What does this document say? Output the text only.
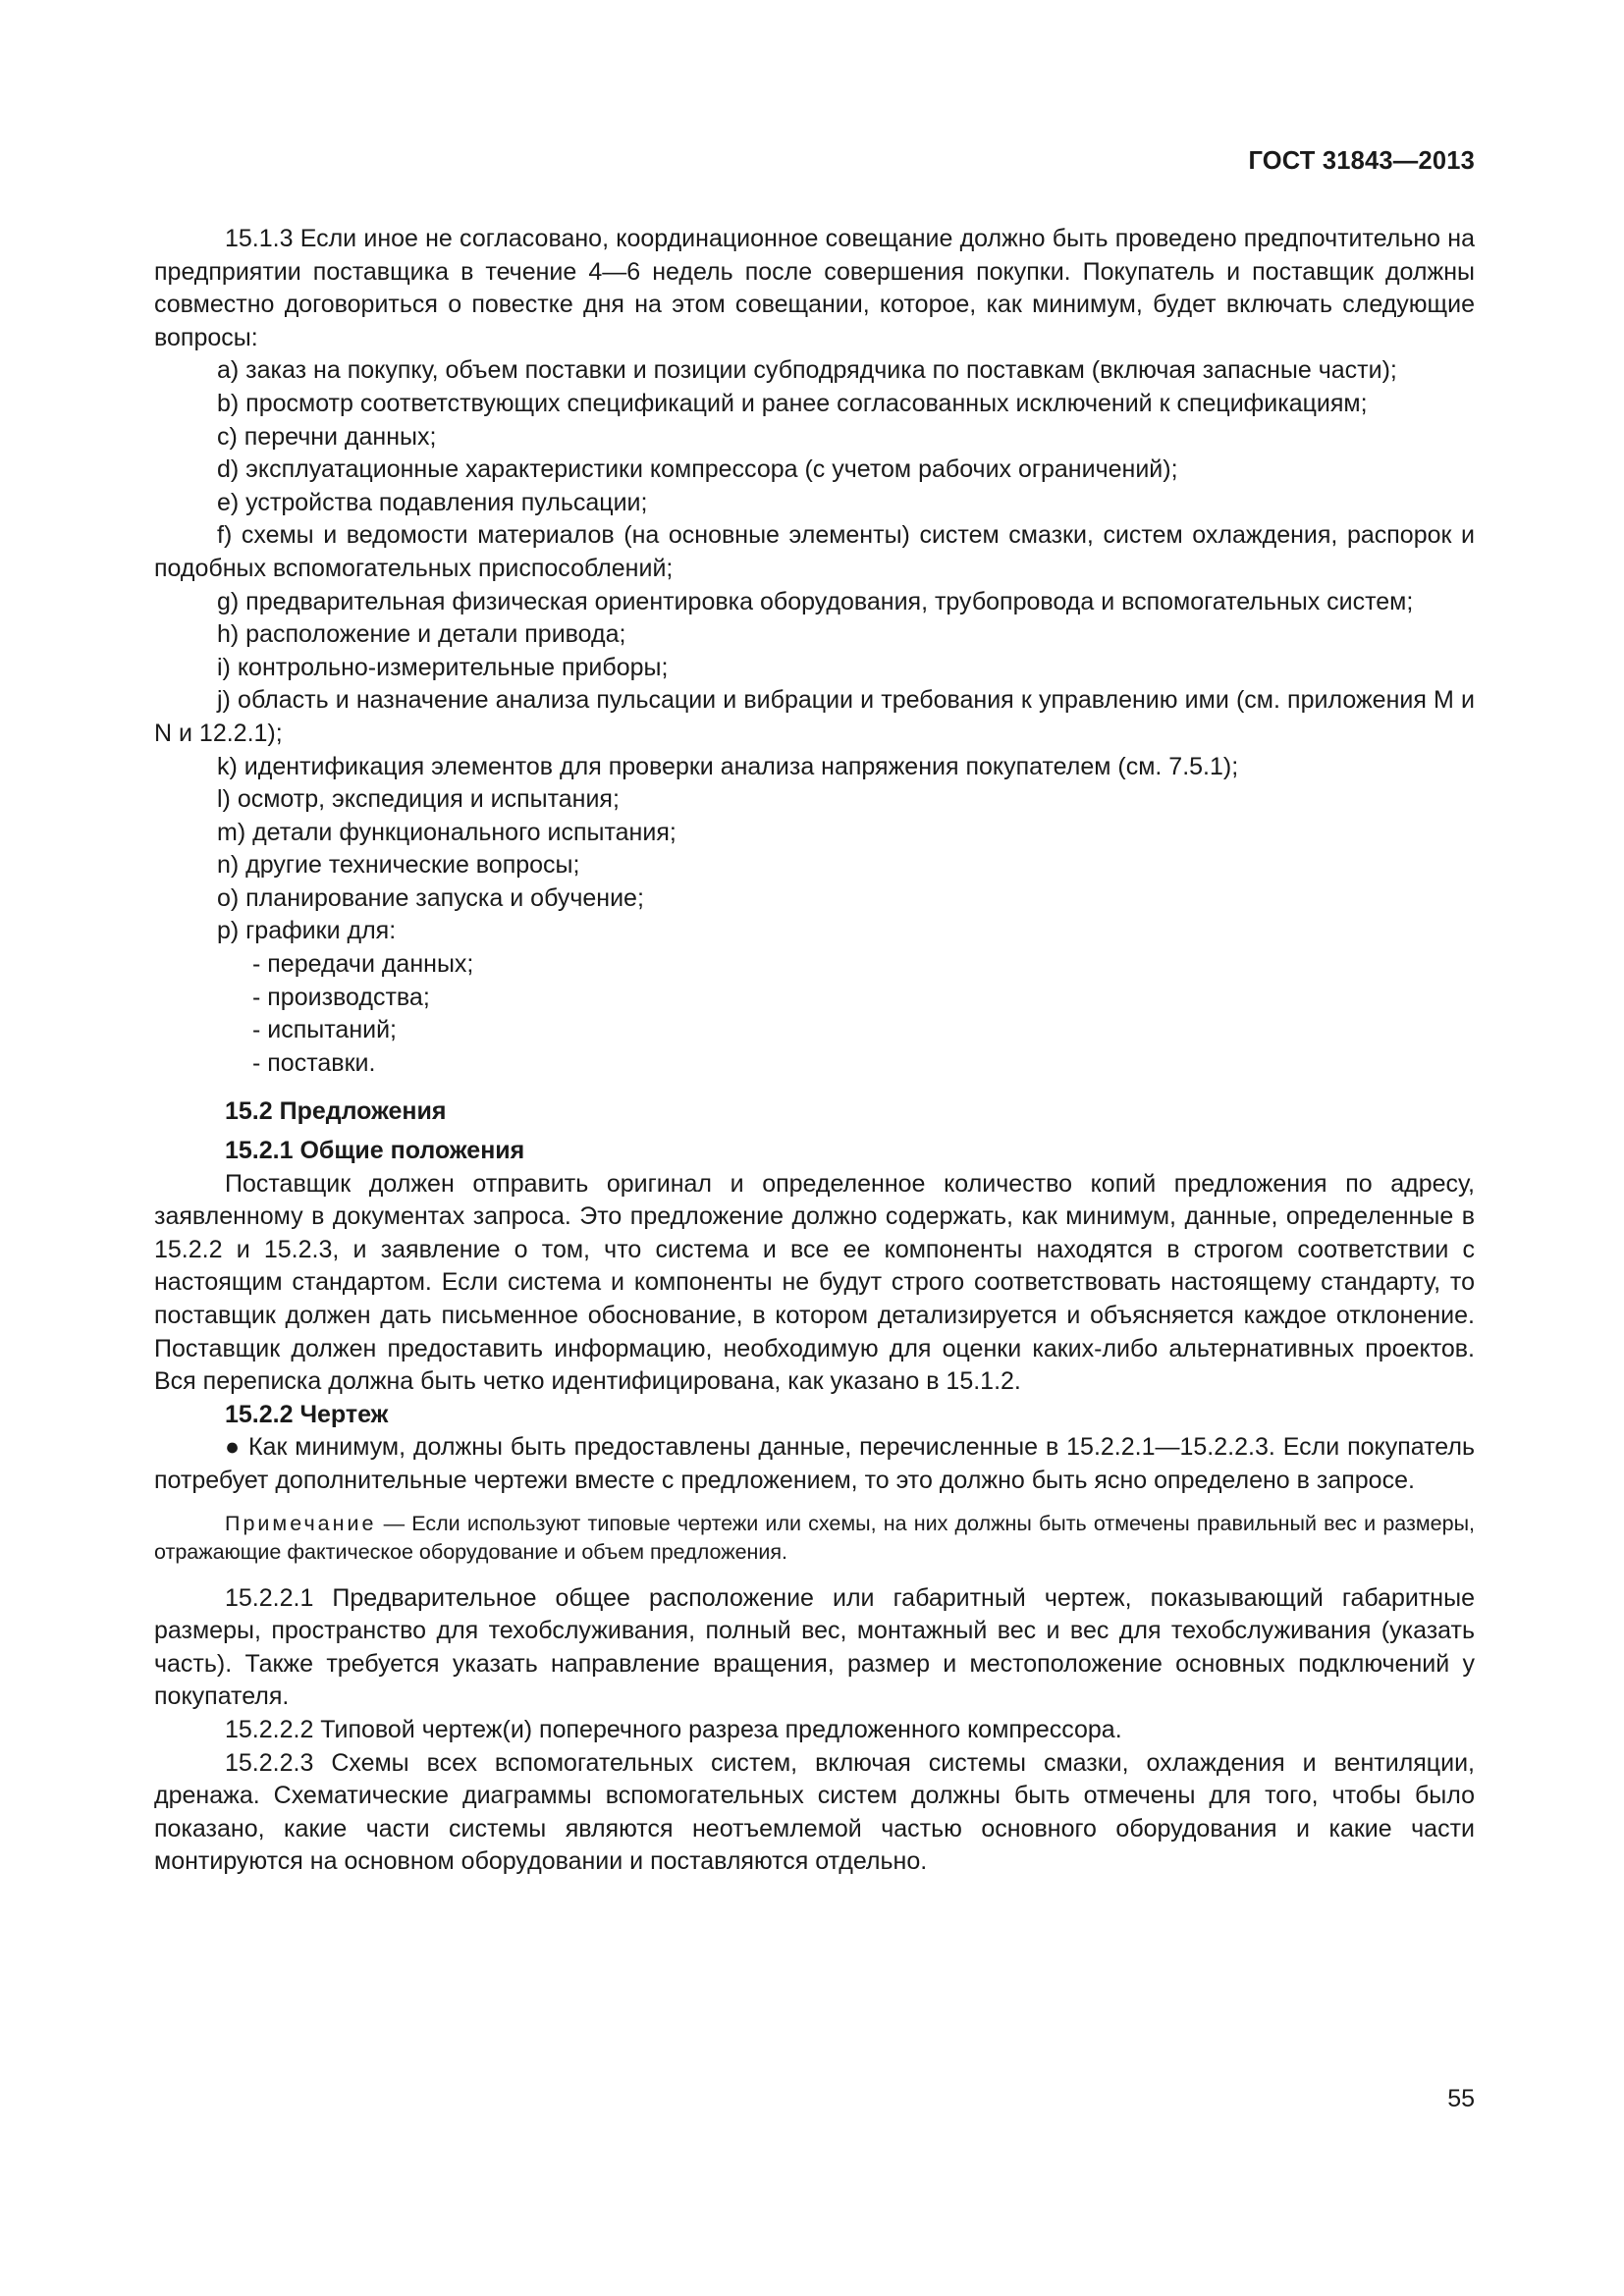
ГОСТ 31843—2013

15.1.3 Если иное не согласовано, координационное совещание должно быть проведено предпочтительно на предприятии поставщика в течение 4—6 недель после совершения покупки. Покупатель и поставщик должны совместно договориться о повестке дня на этом совещании, которое, как минимум, будет включать следующие вопросы:

a) заказ на покупку, объем поставки и позиции субподрядчика по поставкам (включая запасные части);

b) просмотр соответствующих спецификаций и ранее согласованных исключений к спецификациям;

c) перечни данных;

d) эксплуатационные характеристики компрессора (с учетом рабочих ограничений);

e) устройства подавления пульсации;

f) схемы и ведомости материалов (на основные элементы) систем смазки, систем охлаждения, распорок и подобных вспомогательных приспособлений;

g) предварительная физическая ориентировка оборудования, трубопровода и вспомогательных систем;

h) расположение и детали привода;

i) контрольно-измерительные приборы;

j) область и назначение анализа пульсации и вибрации и требования к управлению ими (см. приложения M и N и 12.2.1);

k) идентификация элементов для проверки анализа напряжения покупателем (см. 7.5.1);

l) осмотр, экспедиция и испытания;

m) детали функционального испытания;

n) другие технические вопросы;

o) планирование запуска и обучение;

p) графики для:

- передачи данных;

- производства;

- испытаний;

- поставки.

15.2 Предложения

15.2.1 Общие положения

Поставщик должен отправить оригинал и определенное количество копий предложения по адресу, заявленному в документах запроса. Это предложение должно содержать, как минимум, данные, определенные в 15.2.2 и 15.2.3, и заявление о том, что система и все ее компоненты находятся в строгом соответствии с настоящим стандартом. Если система и компоненты не будут строго соответствовать настоящему стандарту, то поставщик должен дать письменное обоснование, в котором детализируется и объясняется каждое отклонение. Поставщик должен предоставить информацию, необходимую для оценки каких-либо альтернативных проектов. Вся переписка должна быть четко идентифицирована, как указано в 15.1.2.

15.2.2 Чертеж

● Как минимум, должны быть предоставлены данные, перечисленные в 15.2.2.1—15.2.2.3. Если покупатель потребует дополнительные чертежи вместе с предложением, то это должно быть ясно определено в запросе.

Примечание — Если используют типовые чертежи или схемы, на них должны быть отмечены правильный вес и размеры, отражающие фактическое оборудование и объем предложения.

15.2.2.1 Предварительное общее расположение или габаритный чертеж, показывающий габаритные размеры, пространство для техобслуживания, полный вес, монтажный вес и вес для техобслуживания (указать часть). Также требуется указать направление вращения, размер и местоположение основных подключений у покупателя.

15.2.2.2 Типовой чертеж(и) поперечного разреза предложенного компрессора.

15.2.2.3 Схемы всех вспомогательных систем, включая системы смазки, охлаждения и вентиляции, дренажа. Схематические диаграммы вспомогательных систем должны быть отмечены для того, чтобы было показано, какие части системы являются неотъемлемой частью основного оборудования и какие части монтируются на основном оборудовании и поставляются отдельно.

55
